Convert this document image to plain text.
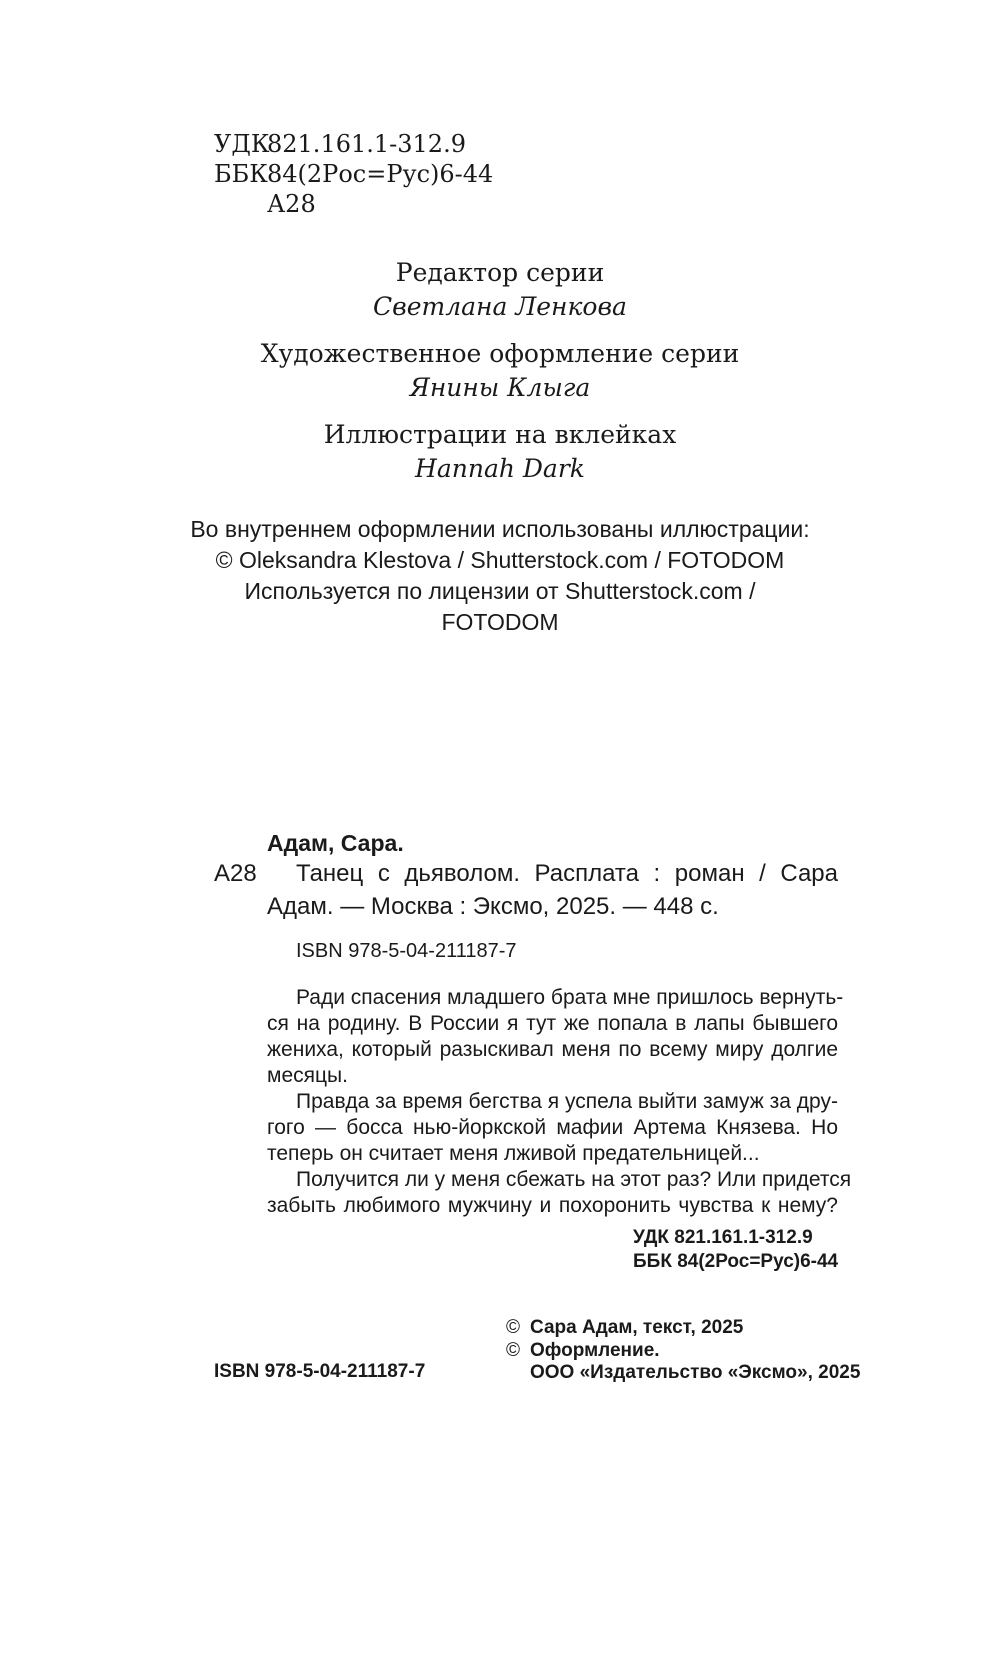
УДК
821.161.1-312.9
ББК 84(2Рос=Рус)6-44
А28
Редактор серии
Светлана Ленкова
Художественное оформление серии
Янины Клыга
Иллюстрации на вклейках
Hannah Dark
Во внутреннем оформлении использованы иллюстрации:
© Oleksandra Klestova / Shutterstock.com / FOTODOM
Используется по лицензии от Shutterstock.com /
FOTODOM
Адам, Сара.
А28 Танец с дьяволом. Расплата : роман / Сара
Адам. — Москва : Эксмо, 2025. — 448 с.
ISBN 978-5-04-211187-7
Ради спасения младшего брата мне пришлось вернуть-
ся на родину. В России я тут же попала в лапы бывшего
жениха, который разыскивал меня по всему миру долгие
месяцы.
Правда за время бегства я успела выйти замуж за дру-
гого — босса нью-йоркской мафии Артема Князева. Но
теперь он считает меня лживой предательницей...
Получится ли у меня сбежать на этот раз? Или придется
забыть любимого мужчину и похоронить чувства к нему?
УДК 821.161.1-312.9
ББК 84(2Рос=Рус)6-44
ISBN 978-5-04-211187-7
© Сара Адам, текст, 2025
© Оформление.
ООО «Издательство «Эксмо», 2025
